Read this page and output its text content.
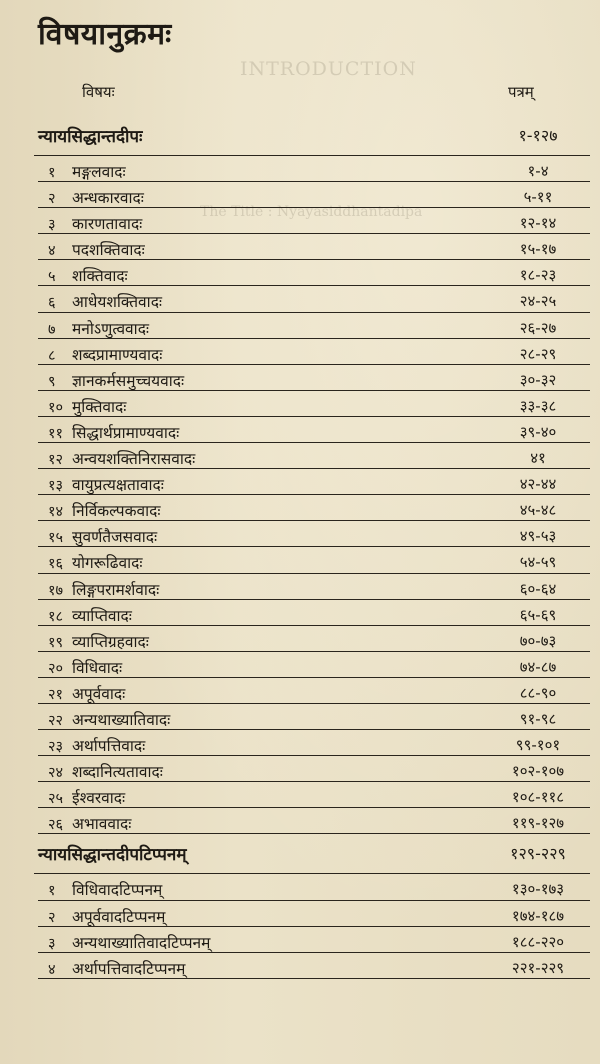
INTRODUCTION
The Title : Nyayasiddhantadipa
विषयानुक्रमः
विषयः	पत्रम्
न्यायसिद्धान्तदीपः	१-१२७
१	मङ्गलवादः	१-४
२	अन्धकारवादः	५-११
३	कारणतावादः	१२-१४
४	पदशक्तिवादः	१५-१७
५	शक्तिवादः	१८-२३
६	आधेयशक्तिवादः	२४-२५
७	मनोऽणुत्ववादः	२६-२७
८	शब्दप्रामाण्यवादः	२८-२९
९	ज्ञानकर्मसमुच्चयवादः	३०-३२
१० मुक्तिवादः	३३-३८
११ सिद्धार्थप्रामाण्यवादः	३९-४०
१२ अन्वयशक्तिनिरासवादः	४१
१३ वायुप्रत्यक्षतावादः	४२-४४
१४ निर्विकल्पकवादः	४५-४८
१५ सुवर्णतैजसवादः	४९-५३
१६ योगरूढिवादः	५४-५९
१७ लिङ्गपरामर्शवादः	६०-६४
१८ व्याप्तिवादः	६५-६९
१९ व्याप्तिग्रहवादः	७०-७३
२० विधिवादः	७४-८७
२१ अपूर्ववादः	८८-९०
२२ अन्यथाख्यातिवादः	९१-९८
२३ अर्थापत्तिवादः	९९-१०१
२४ शब्दानित्यतावादः	१०२-१०७
२५ ईश्वरवादः	१०८-११८
२६ अभाववादः	११९-१२७
न्यायसिद्धान्तदीपटिप्पनम्	१२९-२२९
१	विधिवादटिप्पनम्	१३०-१७३
२	अपूर्ववादटिप्पनम्	१७४-१८७
३	अन्यथाख्यातिवादटिप्पनम्	१८८-२२०
४	अर्थापत्तिवादटिप्पनम्	२२१-२२९
